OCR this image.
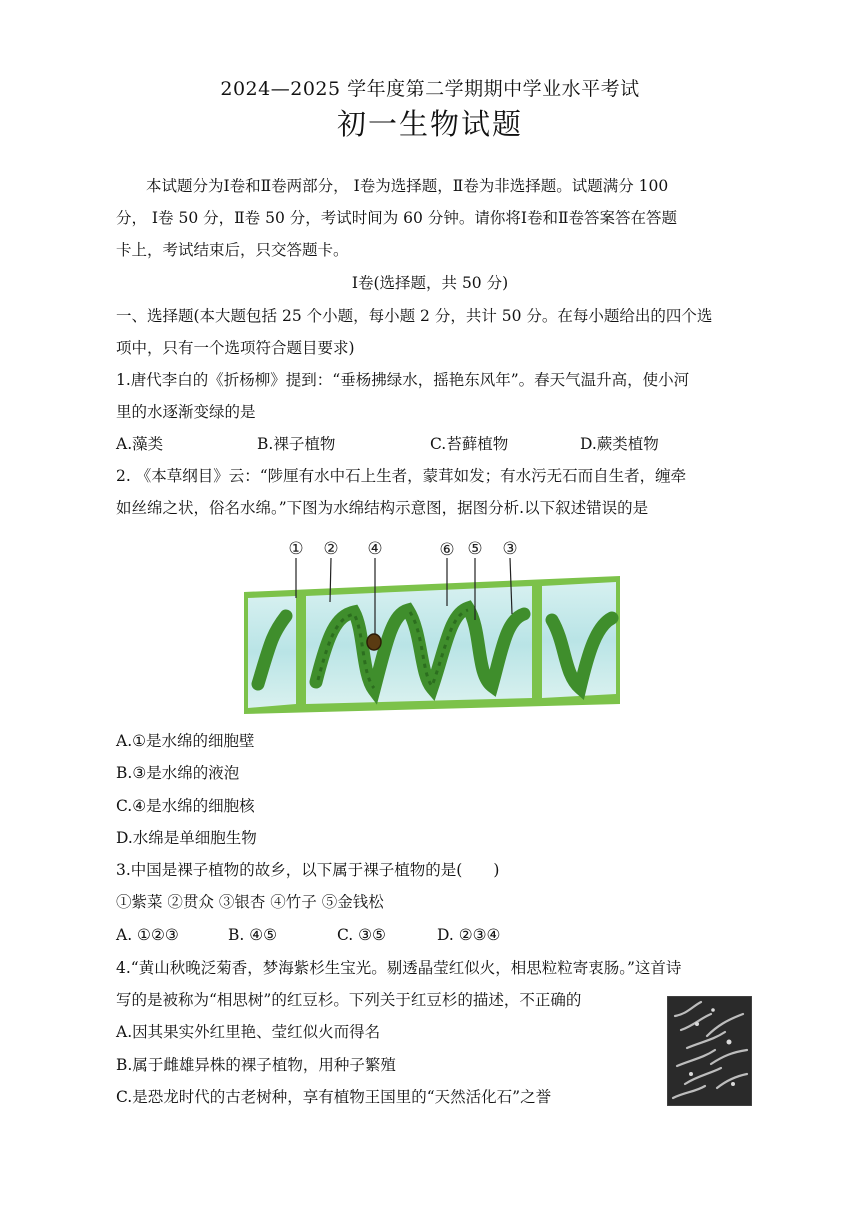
2024—2025 学年度第二学期期中学业水平考试
初一生物试题
本试题分为Ⅰ卷和Ⅱ卷两部分， Ⅰ卷为选择题，Ⅱ卷为非选择题。试题满分 100
分， Ⅰ卷 50 分，Ⅱ卷 50 分，考试时间为 60 分钟。请你将Ⅰ卷和Ⅱ卷答案答在答题
卡上，考试结束后，只交答题卡。
Ⅰ卷(选择题，共 50 分)
一、选择题(本大题包括 25 个小题，每小题 2 分，共计 50 分。在每小题给出的四个选
项中，只有一个选项符合题目要求)
1.唐代李白的《折杨柳》提到：“垂杨拂绿水，摇艳东风年”。春天气温升高，使小河
里的水逐渐变绿的是
A.藻类	B.裸子植物	C.苔藓植物	D.蕨类植物
2. 《本草纲目》云：“陟厘有水中石上生者，蒙茸如发；有水污无石而自生者，缠牵
如丝绵之状，俗名水绵。”下图为水绵结构示意图，据图分析.以下叙述错误的是
① ② ④	⑥ ⑤ ③
A.①是水绵的细胞壁
B.③是水绵的液泡
C.④是水绵的细胞核
D.水绵是单细胞生物
3.中国是裸子植物的故乡，以下属于裸子植物的是(　　)
①紫菜 ②贯众 ③银杏 ④竹子 ⑤金钱松
A. ①②③	B. ④⑤	C. ③⑤	D. ②③④
4.“黄山秋晚泛菊香，梦海紫杉生宝光。剔透晶莹红似火，相思粒粒寄衷肠。”这首诗
写的是被称为“相思树”的红豆杉。下列关于红豆杉的描述，不正确的
A.因其果实外红里艳、莹红似火而得名
B.属于雌雄异株的裸子植物，用种子繁殖
C.是恐龙时代的古老树种，享有植物王国里的“天然活化石”之誉
